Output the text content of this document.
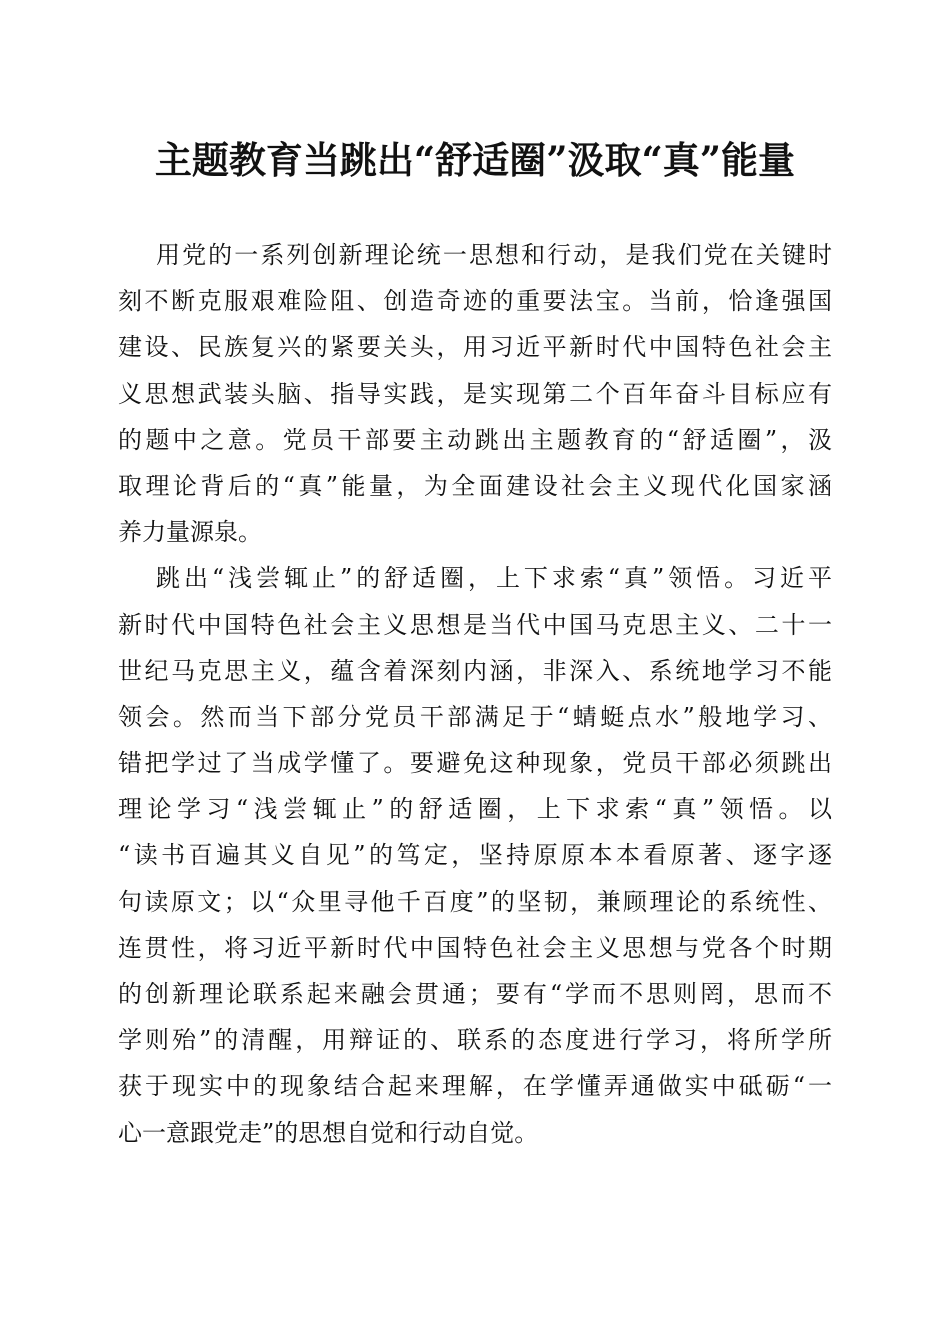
主题教育当跳出“舒适圈”汲取“真”能量
用党的一系列创新理论统一思想和行动，是我们党在关键时
刻不断克服艰难险阻、创造奇迹的重要法宝。当前，恰逢强国
建设、民族复兴的紧要关头，用习近平新时代中国特色社会主
义思想武装头脑、指导实践，是实现第二个百年奋斗目标应有
的题中之意。党员干部要主动跳出主题教育的“舒适圈”，汲
取理论背后的“真”能量，为全面建设社会主义现代化国家涵
养力量源泉。
跳出“浅尝辄止”的舒适圈，上下求索“真”领悟。习近平
新时代中国特色社会主义思想是当代中国马克思主义、二十一
世纪马克思主义，蕴含着深刻内涵，非深入、系统地学习不能
领会。然而当下部分党员干部满足于“蜻蜓点水”般地学习、
错把学过了当成学懂了。要避免这种现象，党员干部必须跳出
理论学习“浅尝辄止”的舒适圈，上下求索“真”领悟。以
“读书百遍其义自见”的笃定，坚持原原本本看原著、逐字逐
句读原文；以“众里寻他千百度”的坚韧，兼顾理论的系统性、
连贯性，将习近平新时代中国特色社会主义思想与党各个时期
的创新理论联系起来融会贯通；要有“学而不思则罔，思而不
学则殆”的清醒，用辩证的、联系的态度进行学习，将所学所
获于现实中的现象结合起来理解，在学懂弄通做实中砥砺“一
心一意跟党走”的思想自觉和行动自觉。
